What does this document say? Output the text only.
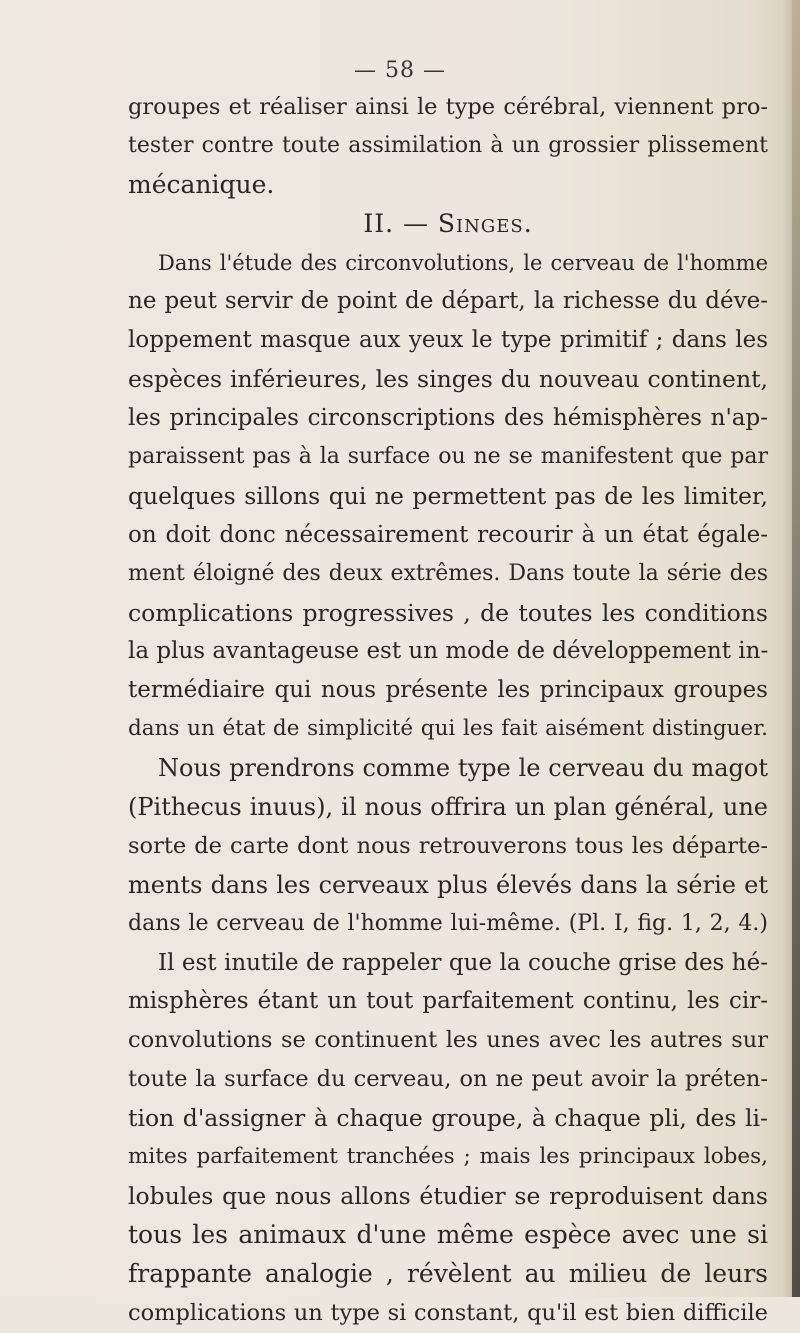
— 58 —
groupes et réaliser ainsi le type cérébral, viennent pro-
tester contre toute assimilation à un grossier plissement
mécanique.
II. — Singes.
Dans l'étude des circonvolutions, le cerveau de l'homme
ne peut servir de point de départ, la richesse du déve-
loppement masque aux yeux le type primitif ; dans les
espèces inférieures, les singes du nouveau continent,
les principales circonscriptions des hémisphères n'ap-
paraissent pas à la surface ou ne se manifestent que par
quelques sillons qui ne permettent pas de les limiter,
on doit donc nécessairement recourir à un état égale-
ment éloigné des deux extrêmes. Dans toute la série des
complications progressives , de toutes les conditions
la plus avantageuse est un mode de développement in-
termédiaire qui nous présente les principaux groupes
dans un état de simplicité qui les fait aisément distinguer.
Nous prendrons comme type le cerveau du magot
(Pithecus inuus), il nous offrira un plan général, une
sorte de carte dont nous retrouverons tous les départe-
ments dans les cerveaux plus élevés dans la série et
dans le cerveau de l'homme lui-même. (Pl. I, fig. 1, 2, 4.)
Il est inutile de rappeler que la couche grise des hé-
misphères étant un tout parfaitement continu, les cir-
convolutions se continuent les unes avec les autres sur
toute la surface du cerveau, on ne peut avoir la préten-
tion d'assigner à chaque groupe, à chaque pli, des li-
mites parfaitement tranchées ; mais les principaux lobes,
lobules que nous allons étudier se reproduisent dans
tous les animaux d'une même espèce avec une si
frappante analogie , révèlent au milieu de leurs
complications un type si constant, qu'il est bien difficile
